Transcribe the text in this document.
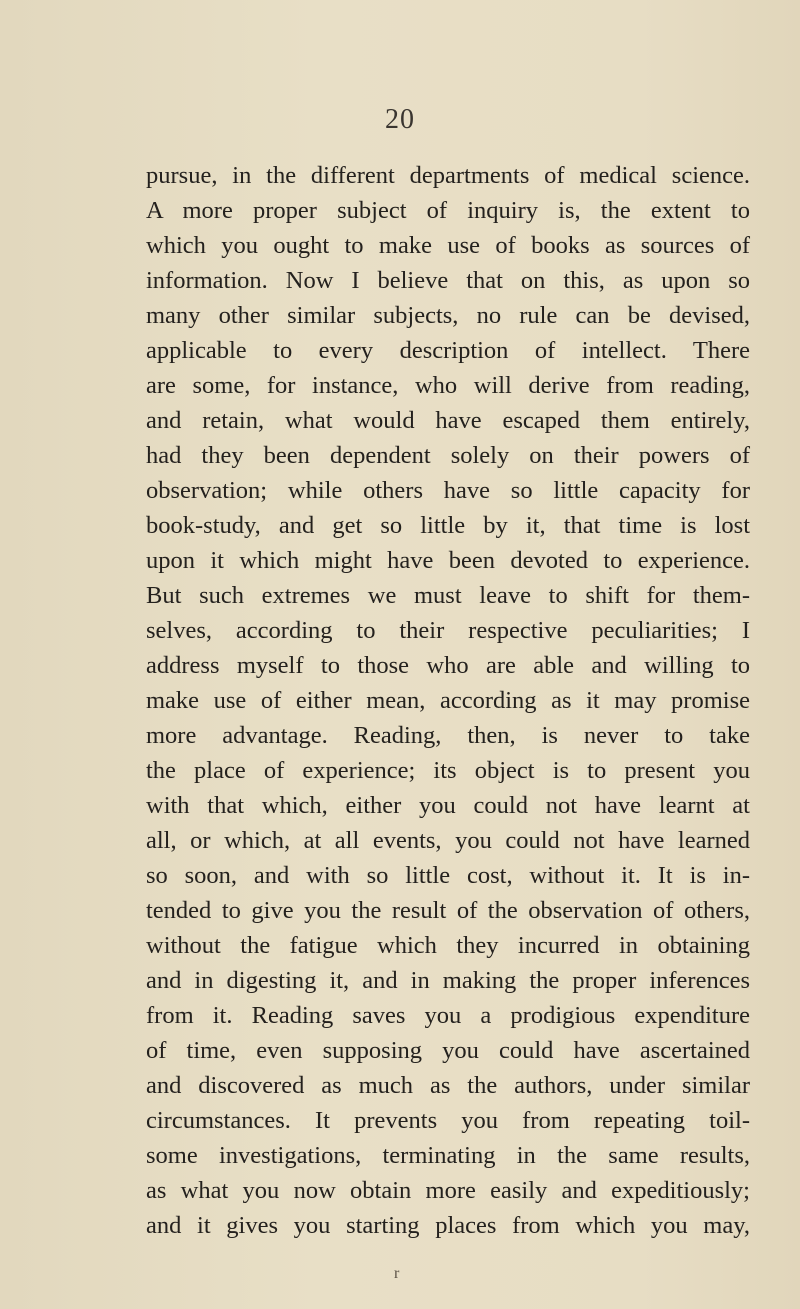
20
pursue, in the different departments of medical science.
A more proper subject of inquiry is, the extent to
which you ought to make use of books as sources of
information. Now I believe that on this, as upon so
many other similar subjects, no rule can be devised,
applicable to every description of intellect. There
are some, for instance, who will derive from reading,
and retain, what would have escaped them entirely,
had they been dependent solely on their powers of
observation; while others have so little capacity for
book-study, and get so little by it, that time is lost
upon it which might have been devoted to experience.
But such extremes we must leave to shift for them-
selves, according to their respective peculiarities; I
address myself to those who are able and willing to
make use of either mean, according as it may promise
more advantage. Reading, then, is never to take
the place of experience; its object is to present you
with that which, either you could not have learnt at
all, or which, at all events, you could not have learned
so soon, and with so little cost, without it. It is in-
tended to give you the result of the observation of others,
without the fatigue which they incurred in obtaining
and in digesting it, and in making the proper inferences
from it. Reading saves you a prodigious expenditure
of time, even supposing you could have ascertained
and discovered as much as the authors, under similar
circumstances. It prevents you from repeating toil-
some investigations, terminating in the same results,
as what you now obtain more easily and expeditiously;
and it gives you starting places from which you may,
r
